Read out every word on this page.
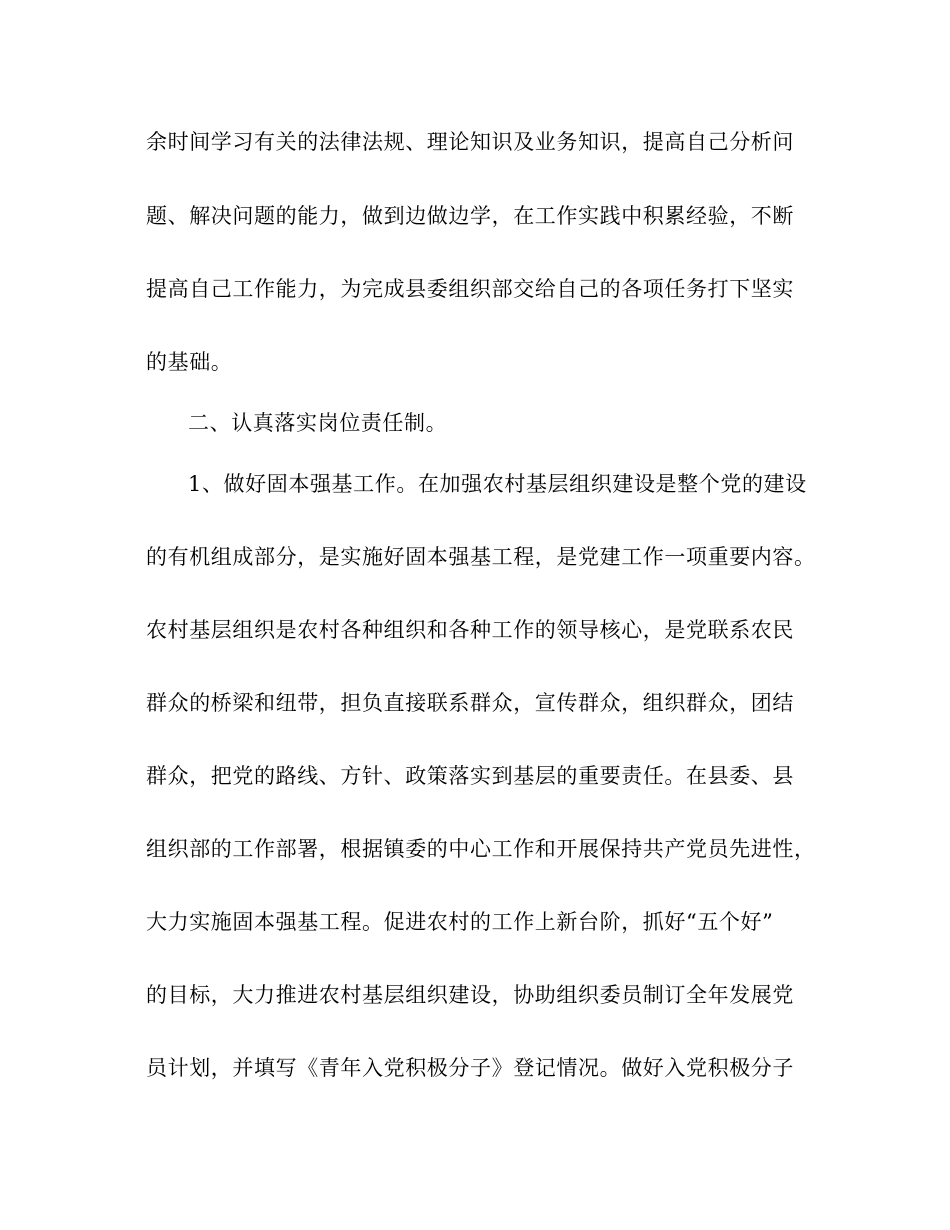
余时间学习有关的法律法规、理论知识及业务知识，提高自己分析问
题、解决问题的能力，做到边做边学，在工作实践中积累经验，不断
提高自己工作能力，为完成县委组织部交给自己的各项任务打下坚实
的基础。
二、认真落实岗位责任制。
1、做好固本强基工作。在加强农村基层组织建设是整个党的建设
的有机组成部分，是实施好固本强基工程，是党建工作一项重要内容。
农村基层组织是农村各种组织和各种工作的领导核心，是党联系农民
群众的桥梁和纽带，担负直接联系群众，宣传群众，组织群众，团结
群众，把党的路线、方针、政策落实到基层的重要责任。在县委、县
组织部的工作部署，根据镇委的中心工作和开展保持共产党员先进性，
大力实施固本强基工程。促进农村的工作上新台阶，抓好“五个好”
的目标，大力推进农村基层组织建设，协助组织委员制订全年发展党
员计划，并填写《青年入党积极分子》登记情况。做好入党积极分子
